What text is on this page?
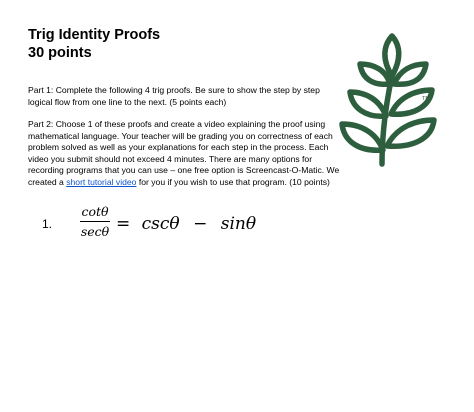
Trig Identity Proofs
30 points

Part 1: Complete the following 4 trig proofs. Be sure to show the step by step logical flow from one line to the next. (5 points each)

Part 2: Choose 1 of these proofs and create a video explaining the proof using mathematical language. Your teacher will be grading you on correctness of each problem solved as well as your explanations for each step in the process. Each video you submit should not exceed 4 minutes. There are many options for recording programs that you can use – one free option is Screencast-O-Matic. We created a short tutorial video for you if you wish to use that program. (10 points)

TM
1.
cotθ
secθ = cscθ − sinθ
